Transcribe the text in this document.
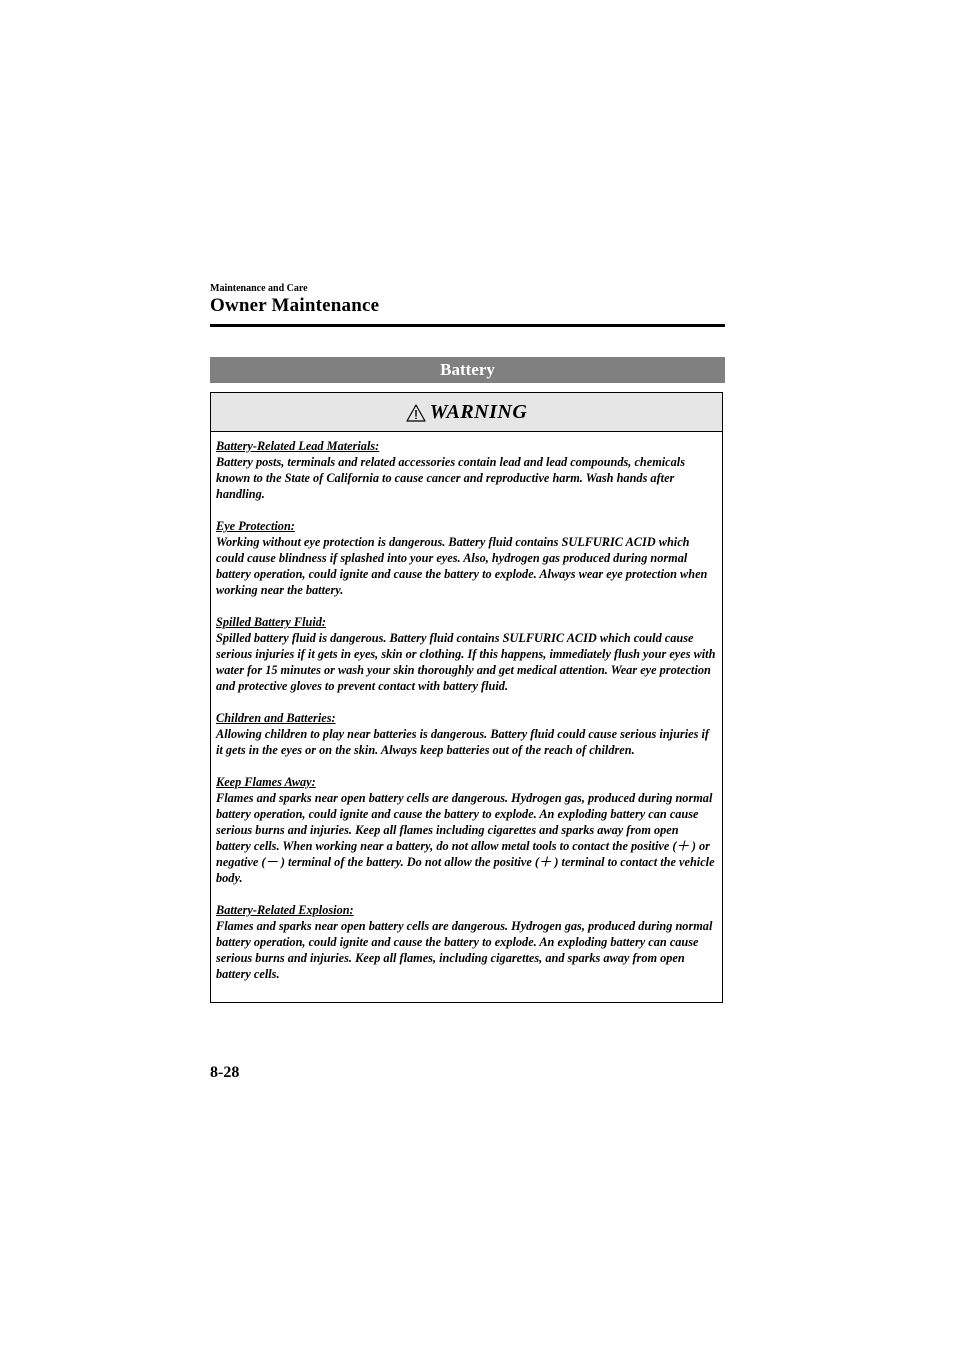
Maintenance and Care
Owner Maintenance
Battery
WARNING
Battery-Related Lead Materials:
Battery posts, terminals and related accessories contain lead and lead compounds, chemicals known to the State of California to cause cancer and reproductive harm. Wash hands after handling.
Eye Protection:
Working without eye protection is dangerous. Battery fluid contains SULFURIC ACID which could cause blindness if splashed into your eyes. Also, hydrogen gas produced during normal battery operation, could ignite and cause the battery to explode. Always wear eye protection when working near the battery.
Spilled Battery Fluid:
Spilled battery fluid is dangerous. Battery fluid contains SULFURIC ACID which could cause serious injuries if it gets in eyes, skin or clothing. If this happens, immediately flush your eyes with water for 15 minutes or wash your skin thoroughly and get medical attention. Wear eye protection and protective gloves to prevent contact with battery fluid.
Children and Batteries:
Allowing children to play near batteries is dangerous. Battery fluid could cause serious injuries if it gets in the eyes or on the skin. Always keep batteries out of the reach of children.
Keep Flames Away:
Flames and sparks near open battery cells are dangerous. Hydrogen gas, produced during normal battery operation, could ignite and cause the battery to explode. An exploding battery can cause serious burns and injuries. Keep all flames including cigarettes and sparks away from open battery cells. When working near a battery, do not allow metal tools to contact the positive (＋ ) or negative (－ ) terminal of the battery. Do not allow the positive (＋ ) terminal to contact the vehicle body.
Battery-Related Explosion:
Flames and sparks near open battery cells are dangerous. Hydrogen gas, produced during normal battery operation, could ignite and cause the battery to explode. An exploding battery can cause serious burns and injuries. Keep all flames, including cigarettes, and sparks away from open battery cells.
8-28
